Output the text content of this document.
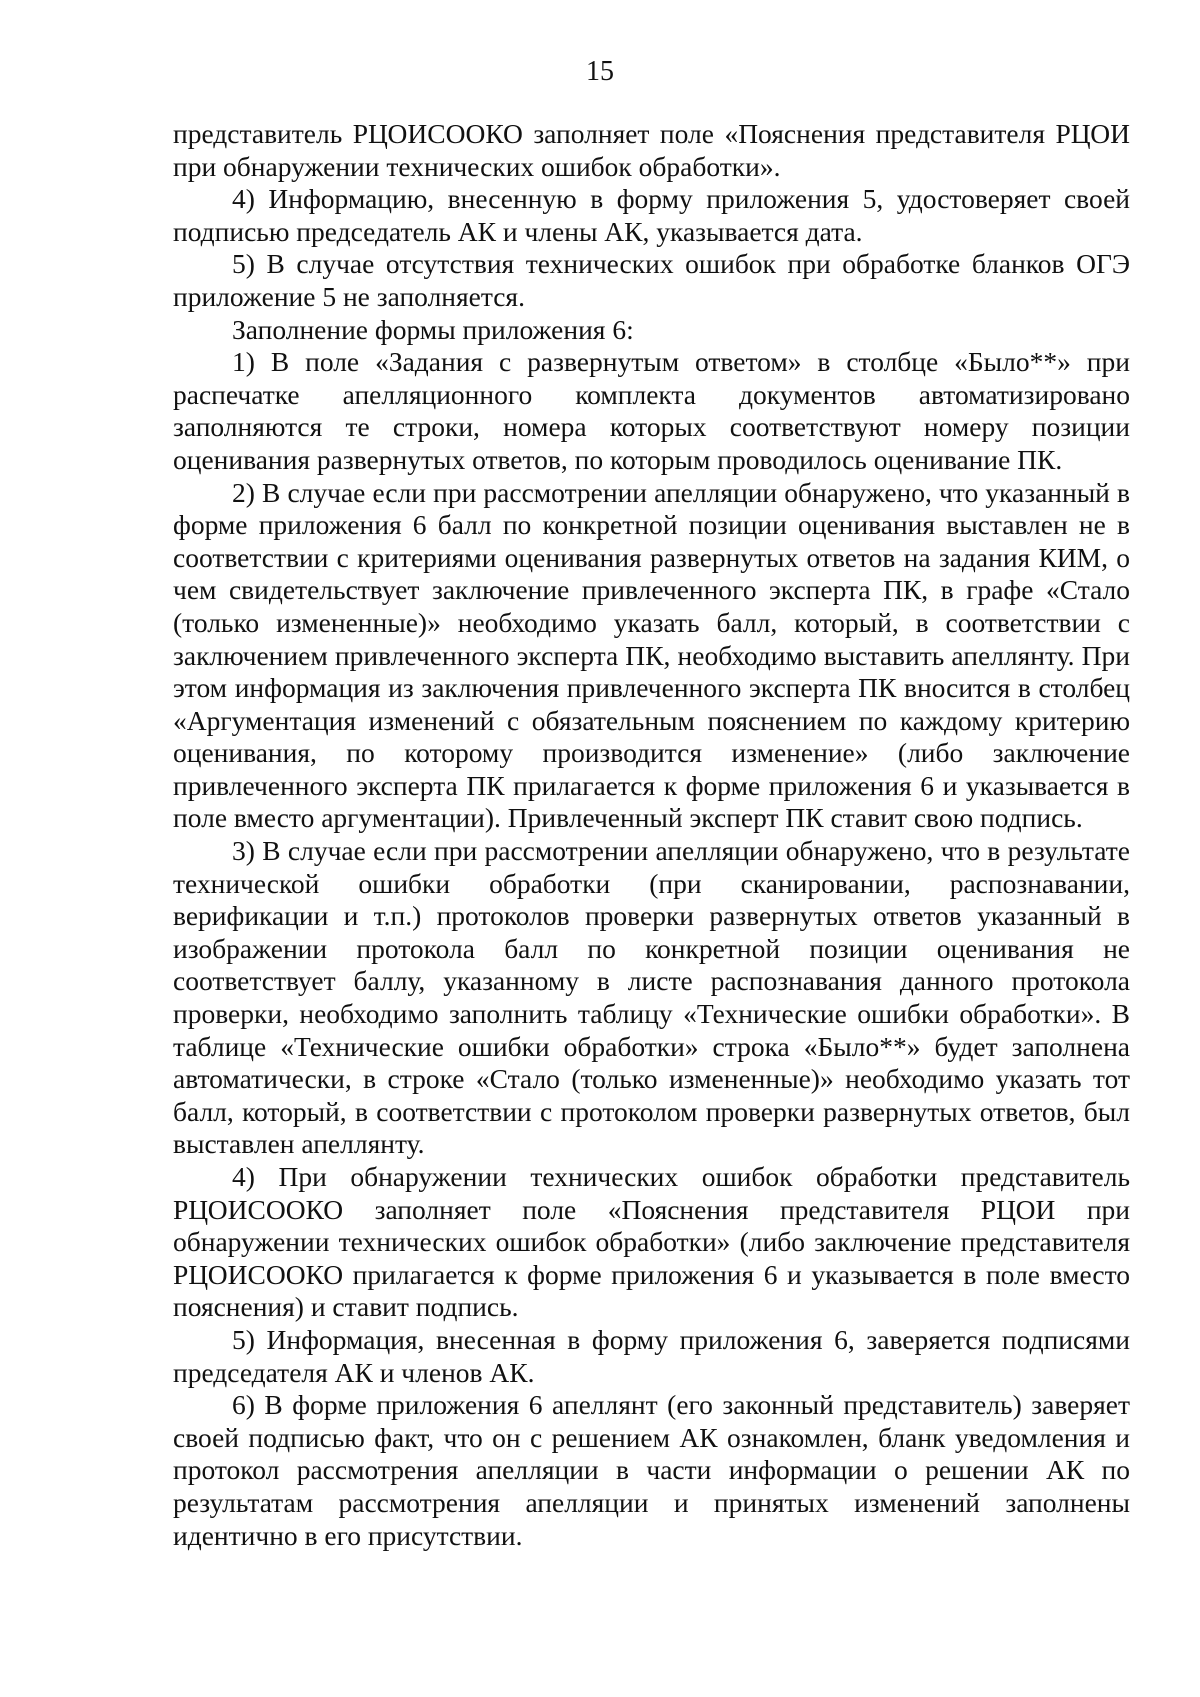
15

представитель РЦОИСООКО заполняет поле «Пояснения представителя РЦОИ при обнаружении технических ошибок обработки».

4) Информацию, внесенную в форму приложения 5, удостоверяет своей подписью председатель АК и члены АК, указывается дата.

5) В случае отсутствия технических ошибок при обработке бланков ОГЭ приложение 5 не заполняется.

Заполнение формы приложения 6:

1) В поле «Задания с развернутым ответом» в столбце «Было**» при распечатке апелляционного комплекта документов автоматизировано заполняются те строки, номера которых соответствуют номеру позиции оценивания развернутых ответов, по которым проводилось оценивание ПК.

2) В случае если при рассмотрении апелляции обнаружено, что указанный в форме приложения 6 балл по конкретной позиции оценивания выставлен не в соответствии с критериями оценивания развернутых ответов на задания КИМ, о чем свидетельствует заключение привлеченного эксперта ПК, в графе «Стало (только измененные)» необходимо указать балл, который, в соответствии с заключением привлеченного эксперта ПК, необходимо выставить апеллянту. При этом информация из заключения привлеченного эксперта ПК вносится в столбец «Аргументация изменений с обязательным пояснением по каждому критерию оценивания, по которому производится изменение» (либо заключение привлеченного эксперта ПК прилагается к форме приложения 6 и указывается в поле вместо аргументации). Привлеченный эксперт ПК ставит свою подпись.

3) В случае если при рассмотрении апелляции обнаружено, что в результате технической ошибки обработки (при сканировании, распознавании, верификации и т.п.) протоколов проверки развернутых ответов указанный в изображении протокола балл по конкретной позиции оценивания не соответствует баллу, указанному в листе распознавания данного протокола проверки, необходимо заполнить таблицу «Технические ошибки обработки». В таблице «Технические ошибки обработки» строка «Было**» будет заполнена автоматически, в строке «Стало (только измененные)» необходимо указать тот балл, который, в соответствии с протоколом проверки развернутых ответов, был выставлен апеллянту.

4) При обнаружении технических ошибок обработки представитель РЦОИСООКО заполняет поле «Пояснения представителя РЦОИ при обнаружении технических ошибок обработки» (либо заключение представителя РЦОИСООКО прилагается к форме приложения 6 и указывается в поле вместо пояснения) и ставит подпись.

5) Информация, внесенная в форму приложения 6, заверяется подписями председателя АК и членов АК.

6) В форме приложения 6 апеллянт (его законный представитель) заверяет своей подписью факт, что он с решением АК ознакомлен, бланк уведомления и протокол рассмотрения апелляции в части информации о решении АК по результатам рассмотрения апелляции и принятых изменений заполнены идентично в его присутствии.
